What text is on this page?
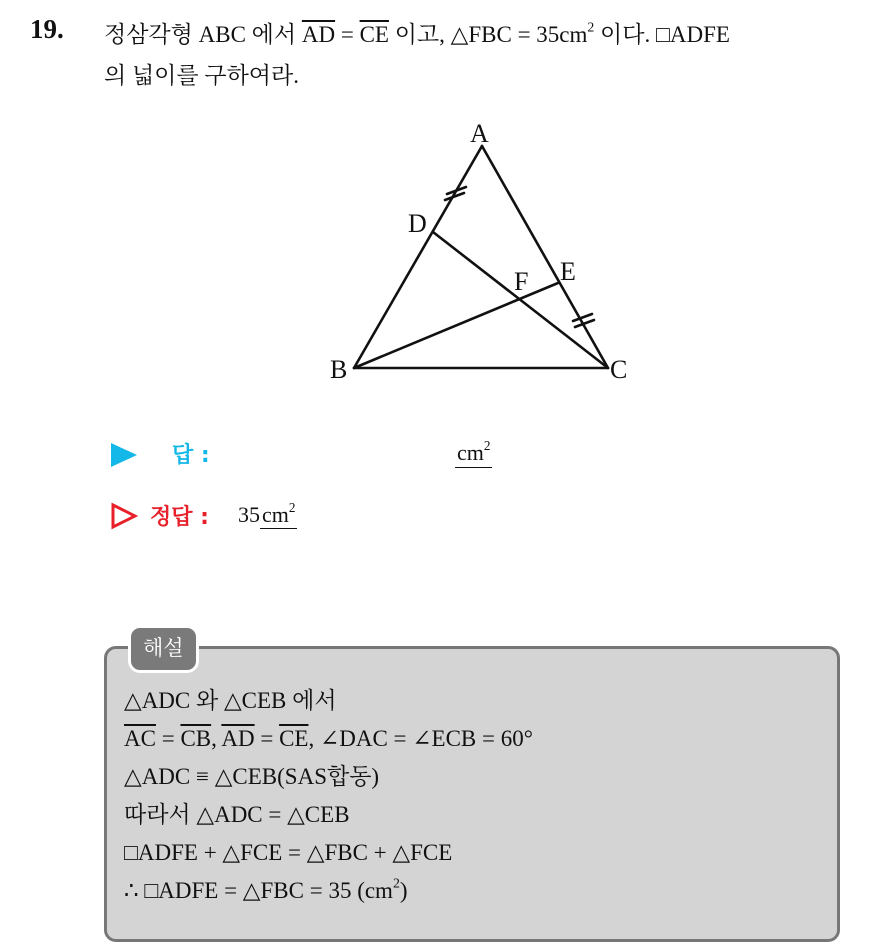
19. 정삼각형 ABC 에서 $\overline{AD} = \overline{CE}$ 이고, △FBC = $35cm^2$ 이다. □ADFE
의 넓이를 구하여라.
A
B	C
D
E
F
답 :	$cm^2$
정답 : $35cm^2$
해설
△ADC 와 △CEB 에서
$\overline{AC} = \overline{CB}$, $\overline{AD} = \overline{CE}$, ∠DAC = ∠ECB = 60°
△ADC ≡ △CEB(SAS합동)
따라서 △ADC = △CEB
□ADFE + △FCE = △FBC + △FCE
∴ □ADFE = △FBC = 35 $(cm^2)$
